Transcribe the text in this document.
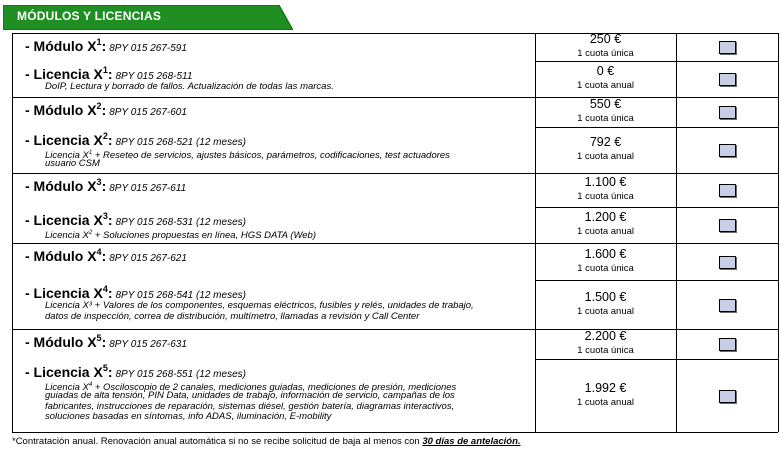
MÓDULOS Y LICENCIAS
- Módulo $X^1$: 8PY 015 267-591
250 €
1 cuota única
- Licencia $X^1$: 8PY 015 268-511
DoIP, Lectura y borrado de fallos. Actualización de todas las marcas.
0 €
1 cuota anual
- Módulo $X^2$: 8PY 015 267-601
550 €
1 cuota única
- Licencia $X^2$: 8PY 015 268-521 (12 meses)
Licencia $X^1$ + Reseteo de servicios, ajustes básicos, parámetros, codificaciones, test actuadores
usuario CSM
792 €
1 cuota anual
- Módulo $X^3$: 8PY 015 267-611	1.100 €
1 cuota única
- Licencia $X^3$: 8PY 015 268-531 (12 meses)
Licencia $X^2$ + Soluciones propuestas en línea, HGS DATA (Web)
1.200 €
1 cuota anual
- Módulo $X^4$: 8PY 015 267-621	1.600 €
1 cuota única
- Licencia $X^4$: 8PY 015 268-541 (12 meses)
Licencia X³ + Valores de los componentes, esquemas eléctricos, fusibles y relés, unidades de trabajo,
datos de inspección, correa de distribución, multímetro, llamadas a revisión y Call Center
1.500 €
1 cuota anual
- Módulo $X^5$: 8PY 015 267-631
2.200 €
1 cuota única
- Licencia $X^5$: 8PY 015 268-551 (12 meses)
Licencia $X^4$ + Osciloscopio de 2 canales, mediciones guiadas, mediciones de presión, mediciones
guiadas de alta tensión, PIN Data, unidades de trabajo, información de servicio, campañas de los
fabricantes, instrucciones de reparación, sistemas diésel, gestión batería, diagramas interactivos,
soluciones basadas en síntomas, info ADAS, iluminación, E-mobility
1.992 €
1 cuota anual
*Contratación anual. Renovación anual automática si no se recibe solicitud de baja al menos con 30 días de antelación.
